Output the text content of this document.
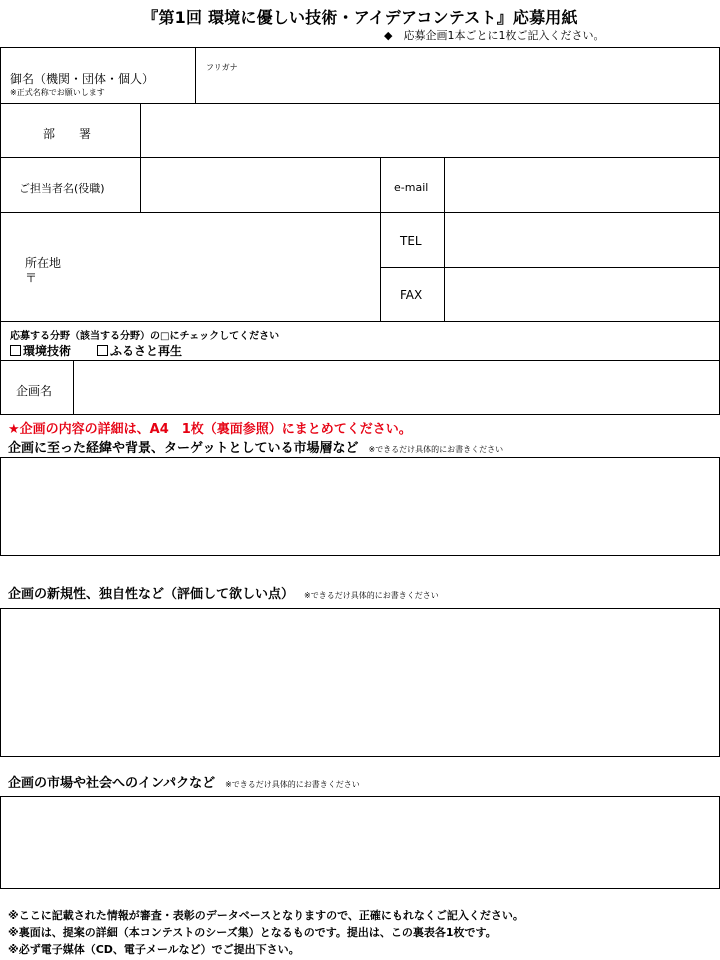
『第1回 環境に優しい技術・アイデアコンテスト』応募用紙
◆　応募企画1本ごとに1枚ご記入ください。
御名（機関・団体・個人）
※正式名称でお願いします
フリガナ
部　　署
ご担当者名(役職)	e-mail
所在地
〒
TEL
FAX
応募する分野（該当する分野）の□にチェックしてください
環境技術	ふるさと再生
企画名
★企画の内容の詳細は、A4　1枚（裏面参照）にまとめてください。
企画に至った経緯や背景、ターゲットとしている市場層など ※できるだけ具体的にお書きください
企画の新規性、独自性など（評価して欲しい点） ※できるだけ具体的にお書きください
企画の市場や社会へのインパクなど ※できるだけ具体的にお書きください
※ここに記載された情報が審査・表彰のデータベースとなりますので、正確にもれなくご記入ください。
※裏面は、提案の詳細（本コンテストのシーズ集）となるものです。提出は、この裏表各1枚です。
※必ず電子媒体（CD、電子メールなど）でご提出下さい。
